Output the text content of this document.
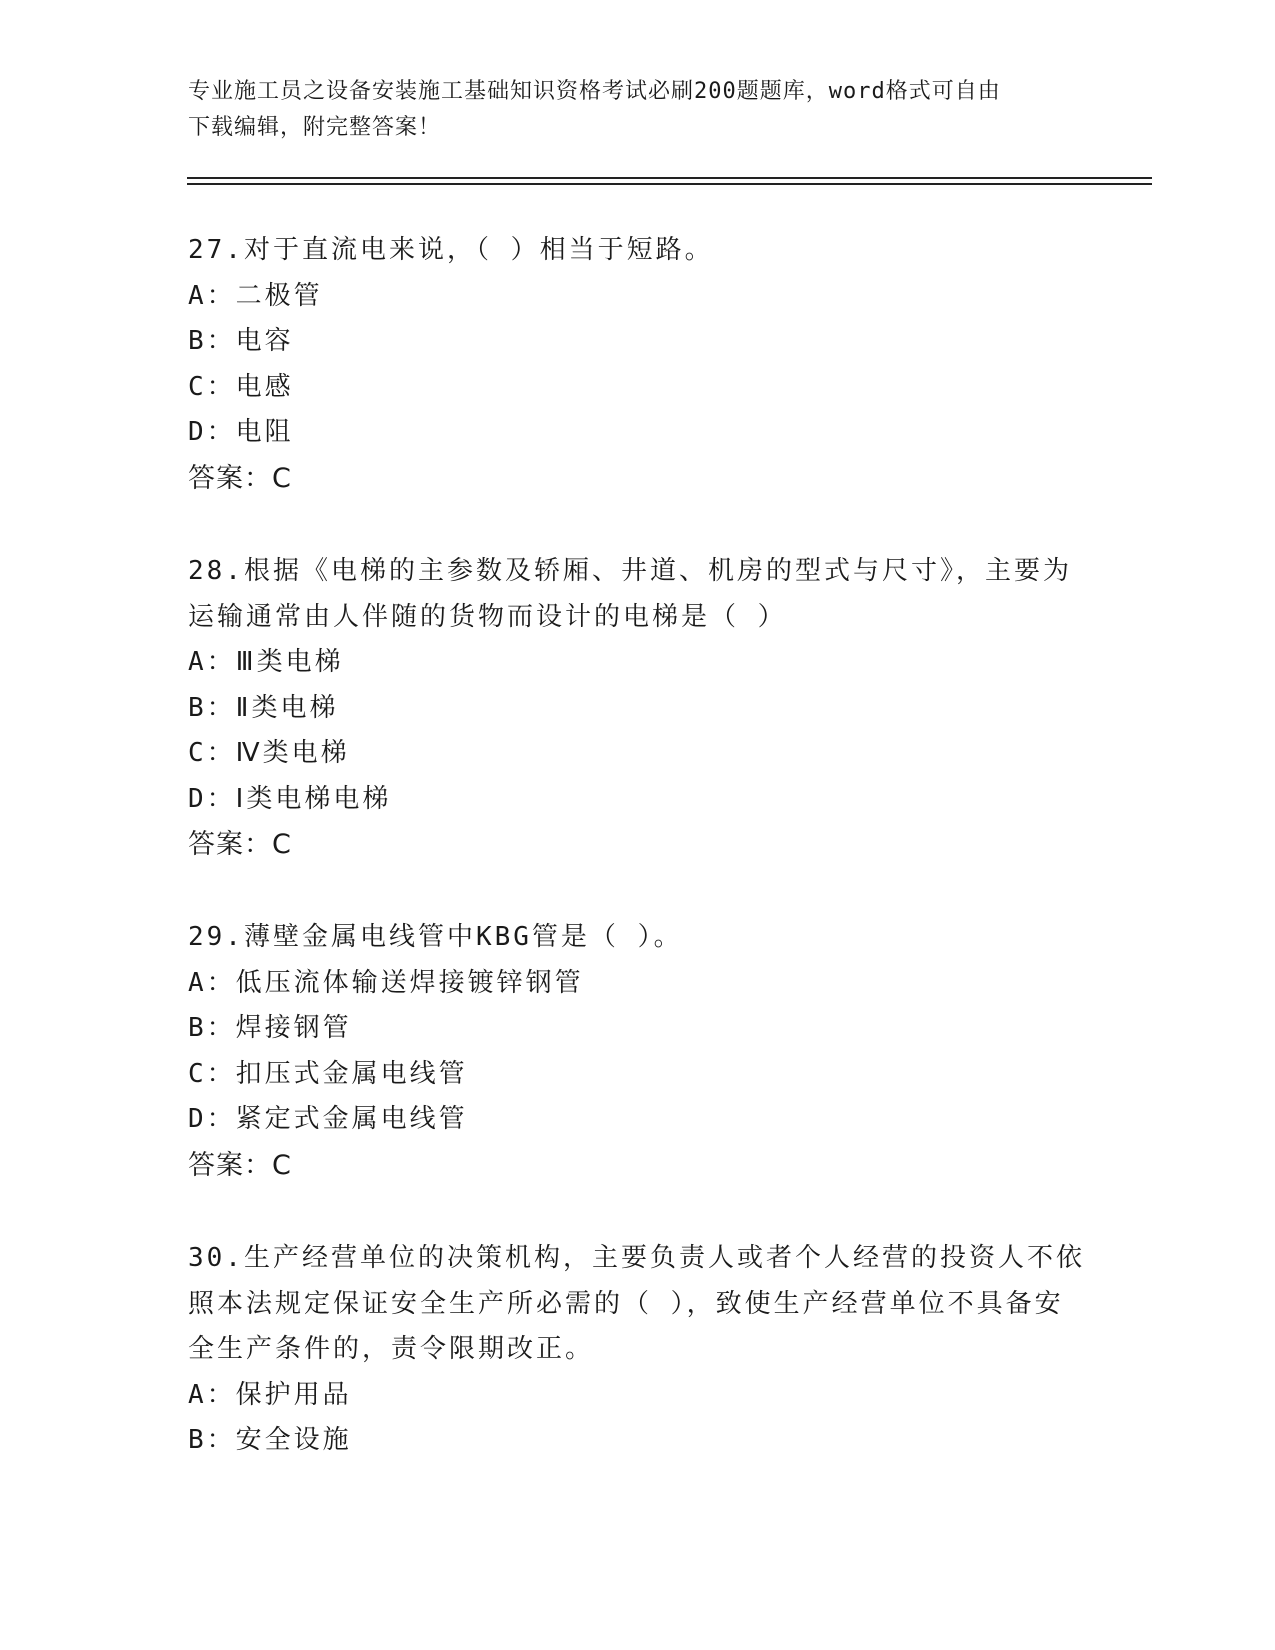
专业施工员之设备安装施工基础知识资格考试必刷200题题库，word格式可自由
下载编辑，附完整答案！
27.对于直流电来说，（ ）相当于短路。
A：二极管
B：电容
C：电感
D：电阻
答案：C
28.根据《电梯的主参数及轿厢、井道、机房的型式与尺寸》，主要为
运输通常由人伴随的货物而设计的电梯是（ ）
A：Ⅲ类电梯
B：Ⅱ类电梯
C：Ⅳ类电梯
D：Ⅰ类电梯电梯
答案：C
29.薄壁金属电线管中KBG管是（ ）。
A：低压流体输送焊接镀锌钢管
B：焊接钢管
C：扣压式金属电线管
D：紧定式金属电线管
答案：C
30.生产经营单位的决策机构，主要负责人或者个人经营的投资人不依
照本法规定保证安全生产所必需的（ ），致使生产经营单位不具备安
全生产条件的，责令限期改正。
A：保护用品
B：安全设施
